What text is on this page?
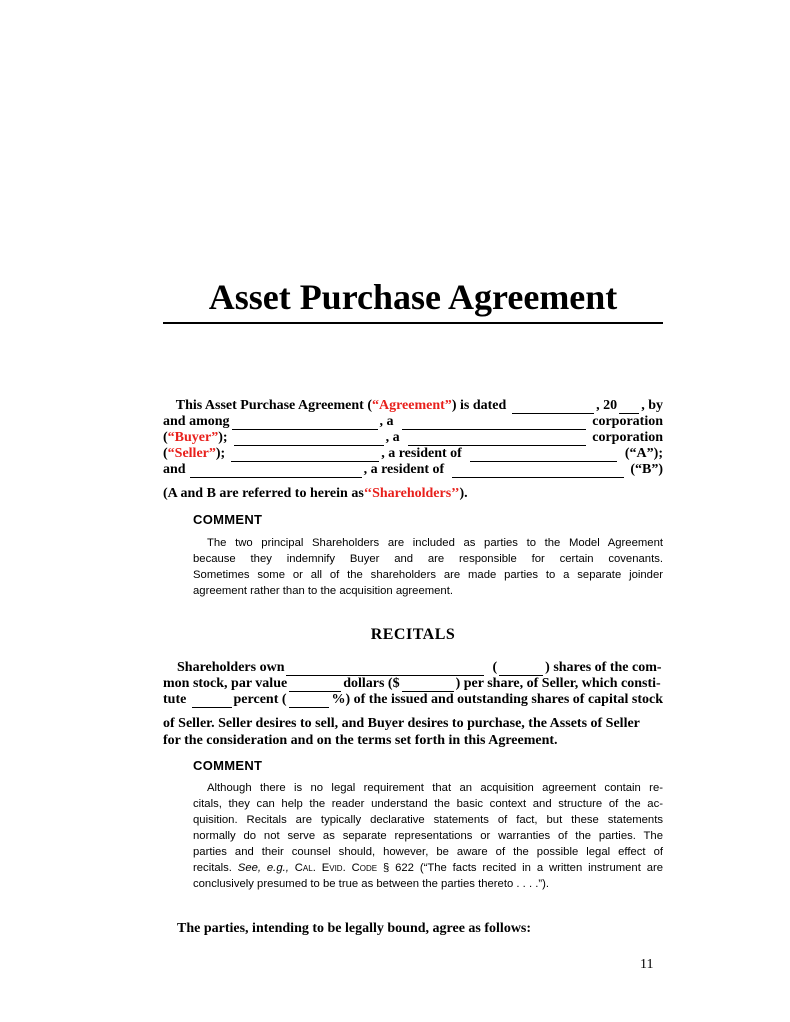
Asset Purchase Agreement
This Asset Purchase Agreement ( “Agreement” ) is dated	, 20 , by
and among	, a	corporation
( “Buyer” );	, a	corporation
( “Seller” );	, a resident of	(“A”);
and	, a resident of	(“B”)
(A and B are referred to herein as ‘‘Shareholders’’ ).
COMMENT
The two principal Shareholders are included as parties to the Model Agreement
because they indemnify Buyer and are responsible for certain covenants.
Sometimes some or all of the shareholders are made parties to a separate joinder
agreement rather than to the acquisition agreement.
RECITALS
Shareholders own	(	) shares of the com-
mon stock, par value	dollars ($	) per share, of Seller, which consti-
tute	percent (	%) of the issued and outstanding shares of capital stock
of Seller. Seller desires to sell, and Buyer desires to purchase, the Assets of Seller
for the consideration and on the terms set forth in this Agreement.
COMMENT
Although there is no legal requirement that an acquisition agreement contain re-
citals, they can help the reader understand the basic context and structure of the ac-
quisition. Recitals are typically declarative statements of fact, but these statements
normally do not serve as separate representations or warranties of the parties. The
parties and their counsel should, however, be aware of the possible legal effect of
recitals. See, e.g., Cal. Evid. Code § 622 (“The facts recited in a written instrument are
conclusively presumed to be true as between the parties thereto . . . .”).
The parties, intending to be legally bound, agree as follows:
11
